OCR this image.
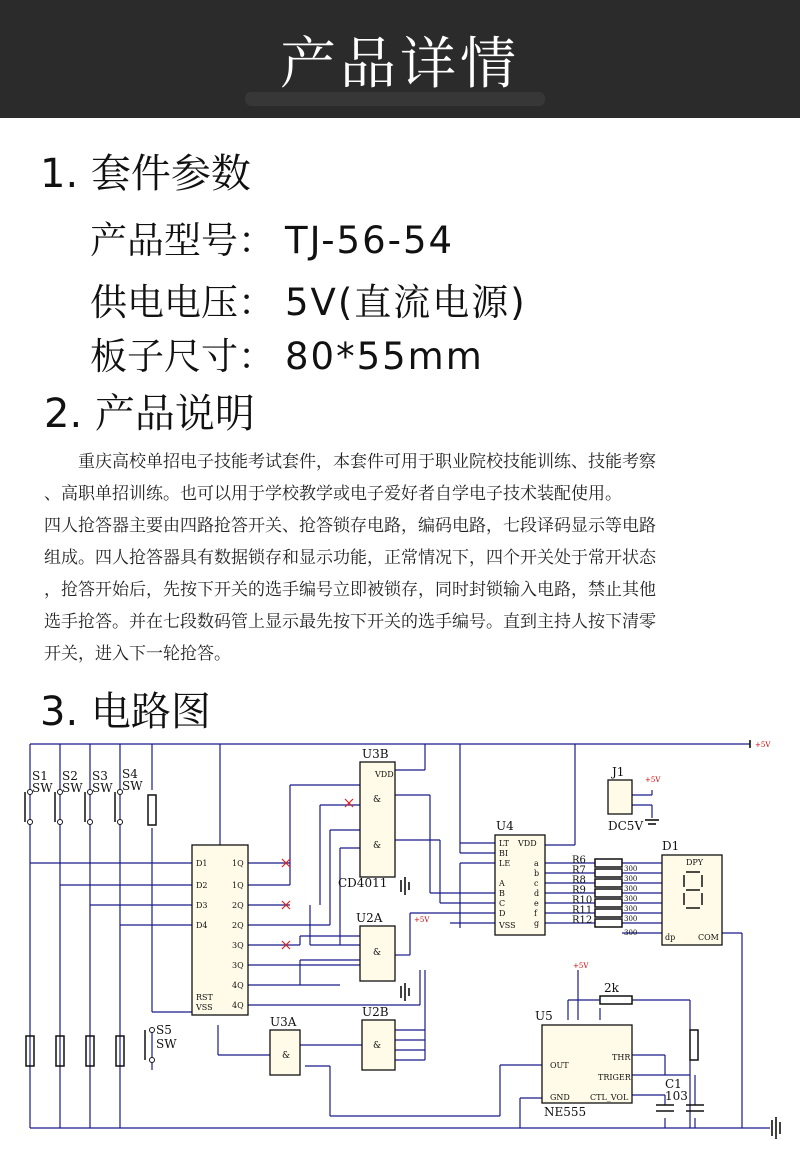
产品详情
1. 套件参数
产品型号： TJ-56-54
供电电压： 5V(直流电源)
板子尺寸： 80*55mm
2. 产品说明

重庆高校单招电子技能考试套件，本套件可用于职业院校技能训练、技能考察

、高职单招训练。也可以用于学校教学或电子爱好者自学电子技术装配使用。

四人抢答器主要由四路抢答开关、抢答锁存电路，编码电路，七段译码显示等电路

组成。四人抢答器具有数据锁存和显示功能，正常情况下，四个开关处于常开状态

，抢答开始后，先按下开关的选手编号立即被锁存，同时封锁输入电路，禁止其他

选手抢答。并在七段数码管上显示最先按下开关的选手编号。直到主持人按下清零

开关，进入下一轮抢答。

3. 电路图
S1
SW
S2
SW
S3
SW
S4
SW
S5
SW
U3B
U2A
U2B
U3A
U4
U5
J1
D1
C1
103
CD4011
NE555
DC5V
2k
+5V
+5V
+5V
+5V
D1
D2
D3
D4
1Q
1Q
2Q
2Q
3Q
3Q
4Q
4Q
RST
VSS
LT
BI
LE
A
B
C
D
VSS
VDD
a
b
c
d
e
f
g
DPY
COM
dp
THR
TRIGER
OUT
GND	CTL_VOL
VDD
&
&
&
&
&
R6
R7
R8
R9
R10
R11
R12
300
300
300
300
300
300
300
